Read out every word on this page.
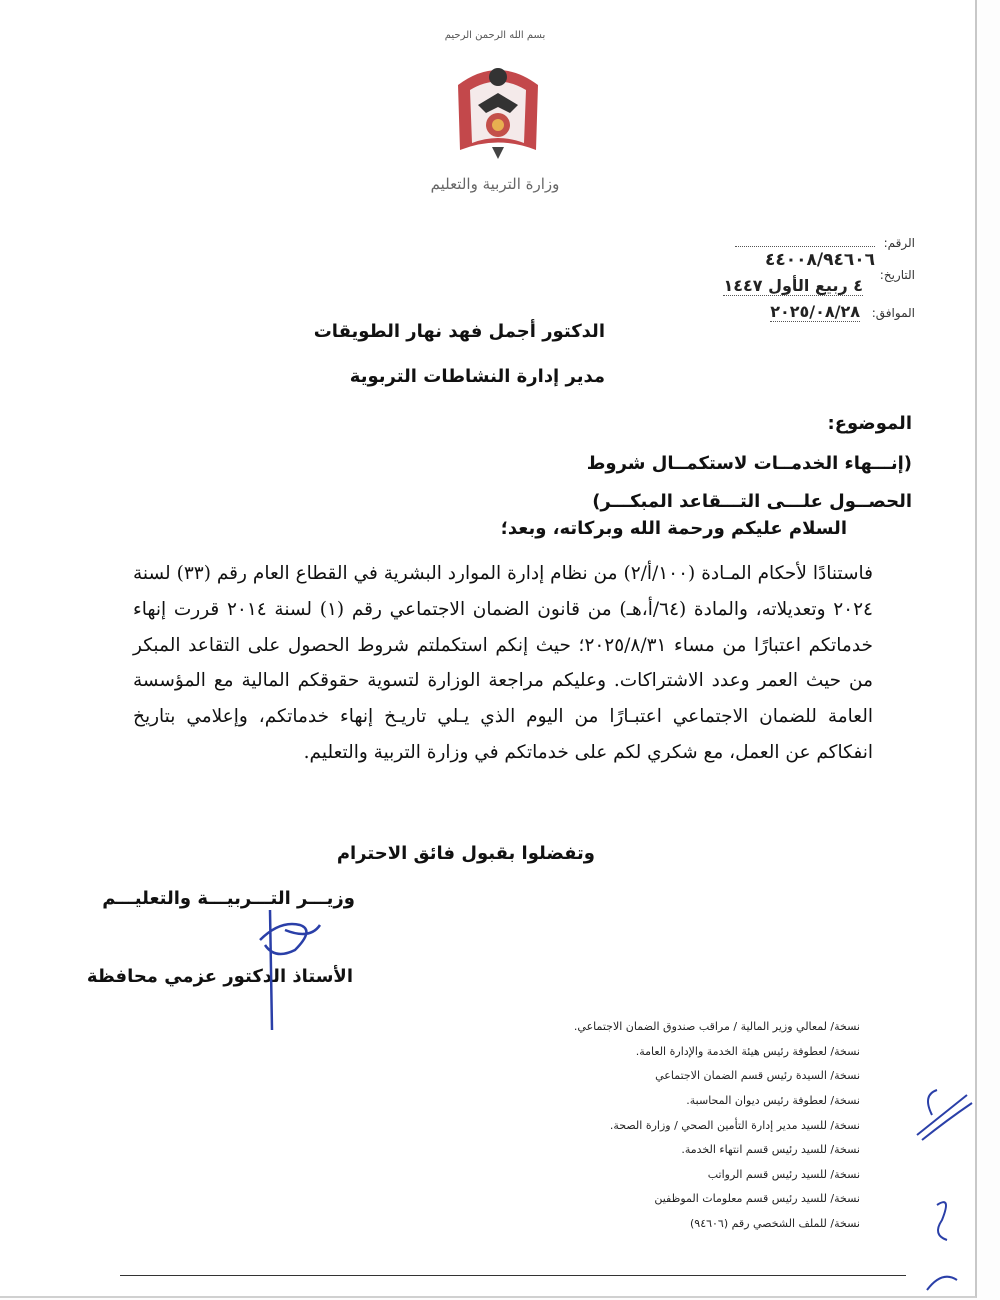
بسم الله الرحمن الرحيم
وزارة التربية والتعليم
الرقم:
٤٤٠٠٨/٩٤٦٠٦
التاريخ:
٤ ربيع الأول ١٤٤٧
الموافق:
٢٠٢٥/٠٨/٢٨
الدكتور أجمل فهد نهار الطويقات
مدير إدارة النشاطات التربوية
الموضوع:
(إنـــهاء الخدمــات لاستكمــال شروط
الحصــول علـــى التـــقاعد المبكـــر)
السلام عليكم ورحمة الله وبركاته، وبعد؛
فاستنادًا لأحكام المـادة (١٠٠/أ/٢) من نظام إدارة الموارد البشرية في القطاع العام رقم (٣٣) لسنة ٢٠٢٤ وتعديلاته، والمادة (٦٤/أ،هـ) من قانون الضمان الاجتماعي رقم (١) لسنة ٢٠١٤ قررت إنهاء خدماتكم اعتبارًا من مساء ٢٠٢٥/٨/٣١؛ حيث إنكم استكملتم شروط الحصول على التقاعد المبكر من حيث العمر وعدد الاشتراكات. وعليكم مراجعة الوزارة لتسوية حقوقكم المالية مع المؤسسة العامة للضمان الاجتماعي اعتبـارًا من اليوم الذي يـلي تاريـخ إنهاء خدماتكم، وإعلامي بتاريخ انفكاكم عن العمل، مع شكري لكم على خدماتكم في وزارة التربية والتعليم.
وتفضلوا بقبول فائق الاحترام
وزيـــر التـــربيـــة والتعليـــم
الأستاذ الدكتور عزمي محافظة
نسخة/ لمعالي وزير المالية / مراقب صندوق الضمان الاجتماعي.
نسخة/ لعطوفة رئيس هيئة الخدمة والإدارة العامة.
نسخة/ السيدة رئيس قسم الضمان الاجتماعي
نسخة/ لعطوفة رئيس ديوان المحاسبة.
نسخة/ للسيد مدير إدارة التأمين الصحي / وزارة الصحة.
نسخة/ للسيد رئيس قسم انتهاء الخدمة.
نسخة/ للسيد رئيس قسم الرواتب
نسخة/ للسيد رئيس قسم معلومات الموظفين
نسخة/ للملف الشخصي رقم (٩٤٦٠٦)
